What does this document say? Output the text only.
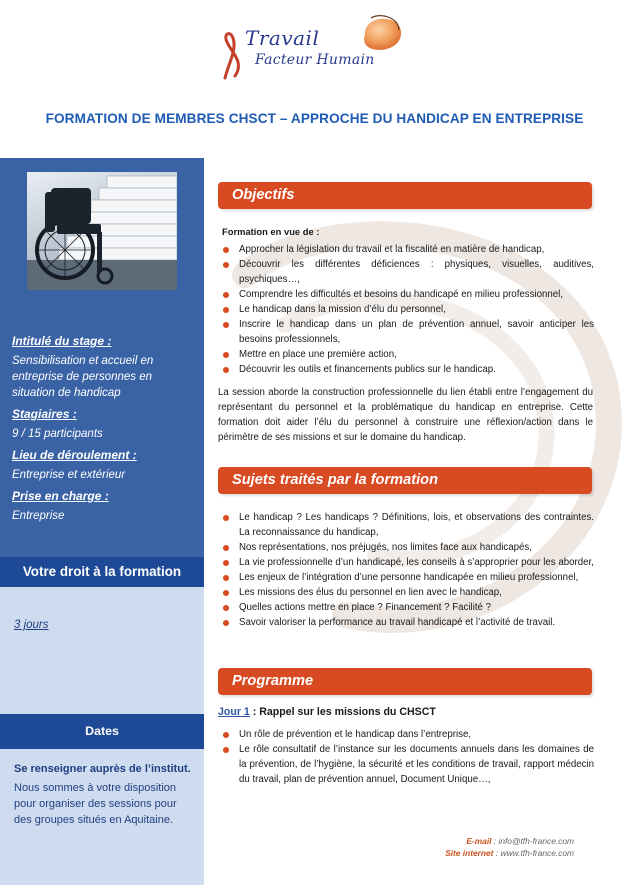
Travail
Facteur Humain
FORMATION DE MEMBRES CHSCT – APPROCHE DU HANDICAP EN ENTREPRISE
Intitulé du stage :
Sensibilisation et accueil en entreprise de personnes en situation de handicap
Stagiaires :
9 / 15 participants
Lieu de déroulement :
Entreprise et extérieur
Prise en charge :
Entreprise
Votre droit à la formation
3 jours
Dates
Se renseigner auprès de l’institut.
Nous sommes à votre disposition pour organiser des sessions pour des groupes situés en Aquitaine.
Objectifs
Formation en vue de :
Approcher la législation du travail et la fiscalité en matière de handicap,
Découvrir les différentes déficiences : physiques, visuelles, auditives, psychiques…,
Comprendre les difficultés et besoins du handicapé en milieu professionnel,
Le handicap dans la mission d’élu du personnel,
Inscrire le handicap dans un plan de prévention annuel, savoir anticiper les besoins professionnels,
Mettre en place une première action,
Découvrir les outils et financements publics sur le handicap.
La session aborde la construction professionnelle du lien établi entre l’engagement du représentant du personnel et la problématique du handicap en entreprise. Cette formation doit aider l’élu du personnel à construire une réflexion/action dans le périmètre de ses missions et sur le domaine du handicap.
Sujets traités par la formation
Le handicap ? Les handicaps ? Définitions, lois, et observations des contraintes. La reconnaissance du handicap,
Nos représentations, nos préjugés, nos limites face aux handicapés,
La vie professionnelle d’un handicapé, les conseils à s’approprier pour les aborder,
Les enjeux de l’intégration d’une personne handicapée en milieu professionnel,
Les missions des élus du personnel en lien avec le handicap,
Quelles actions mettre en place ? Financement ? Facilité ?
Savoir valoriser la performance au travail handicapé et l’activité de travail.
Programme
Jour 1 : Rappel sur les missions du CHSCT
Un rôle de prévention et le handicap dans l’entreprise,
Le rôle consultatif de l’instance sur les documents annuels dans les domaines de la prévention, de l’hygiène, la sécurité et les conditions de travail, rapport médecin du travail, plan de prévention annuel, Document Unique…,
E-mail : info@tfh-france.com
Site internet : www.tfh-france.com
